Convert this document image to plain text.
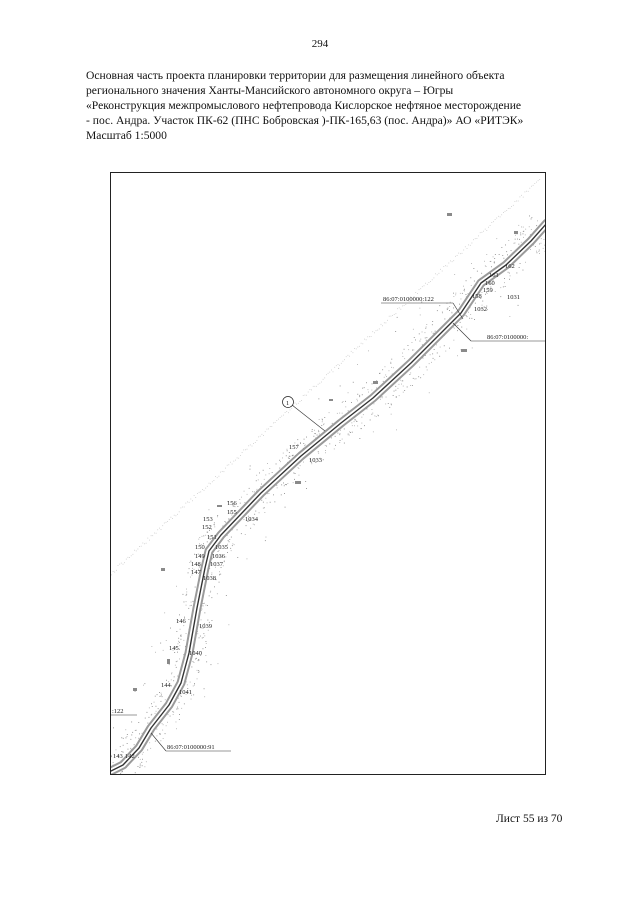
294
Основная часть проекта планировки территории для размещения линейного объекта
регионального значения Ханты-Мансийского автономного округа – Югры
«Реконструкция межпромыслового нефтепровода Кислорское нефтяное месторождение
- пос. Андра. Участок ПК-62 (ПНС Бобровская )-ПК-165,63 (пос. Андра)» АО «РИТЭК»
Масштаб 1:5000
86:07:0100000:122
86:07:0100000:
86:07:0100000:91
:122
1
162
161
160
159
158	1031
1032
157
1033
156
155
1034
153
152
151
150
149
148
147
1035
1036
1037
1038
146
1039
145
1040
144
1041
143 142
Лист 55 из 70
